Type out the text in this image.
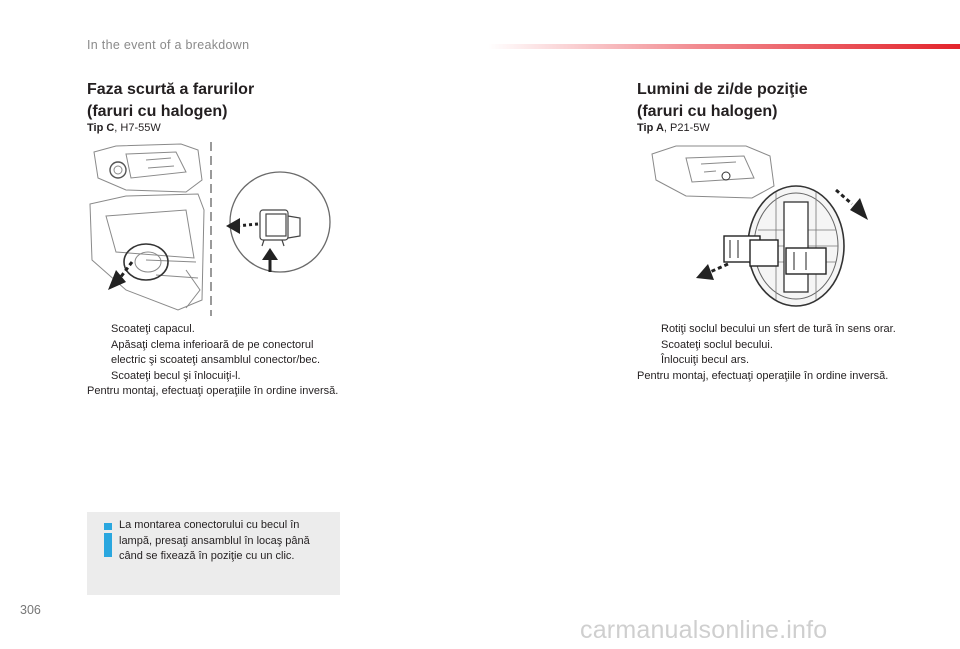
In the event of a breakdown
Faza scurtă a farurilor
(faruri cu halogen)
Tip C, H7-55W
Scoateţi capacul.
Apăsaţi clema inferioară de pe conectorul electric şi scoateţi ansamblul conector/bec.
Scoateţi becul şi înlocuiţi-l.
Pentru montaj, efectuaţi operaţiile în ordine inversă.
La montarea conectorului cu becul în lampă, presaţi ansamblul în locaş până când se fixează în poziţie cu un clic.
Lumini de zi/de poziţie
(faruri cu halogen)
Tip A, P21-5W
Rotiţi soclul becului un sfert de tură în sens orar.
Scoateţi soclul becului.
Înlocuiţi becul ars.
Pentru montaj, efectuaţi operaţiile în ordine inversă.
306
carmanualsonline.info
